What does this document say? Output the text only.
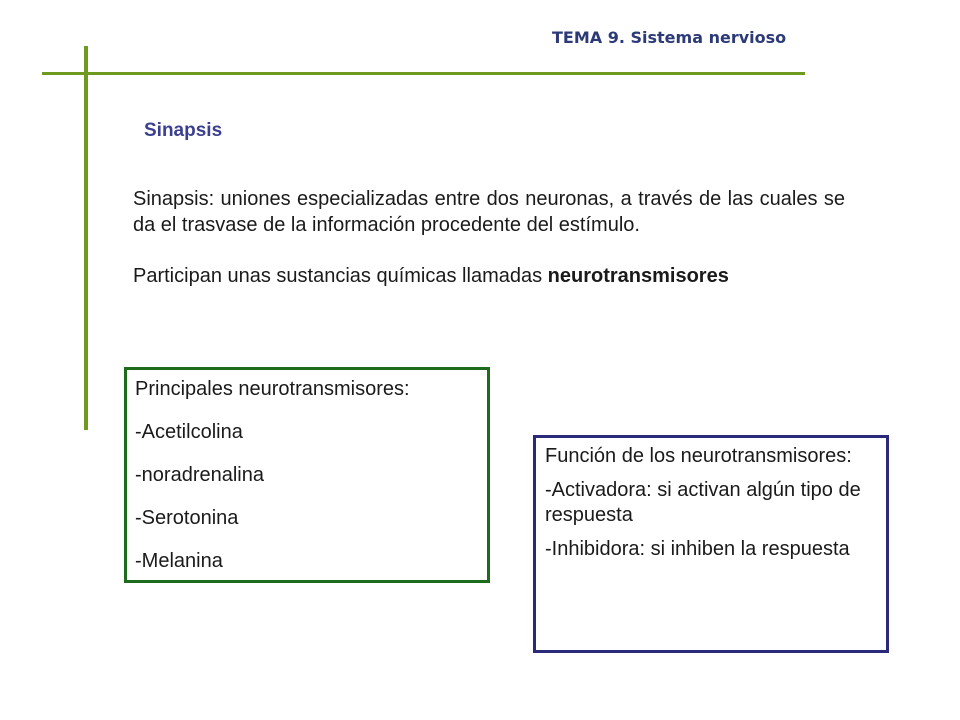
TEMA 9. Sistema nervioso
Sinapsis

Sinapsis: uniones especializadas entre dos neuronas, a través de las cuales se da el trasvase de la información procedente del estímulo.

Participan unas sustancias químicas llamadas neurotransmisores

Principales neurotransmisores:

-Acetilcolina

-noradrenalina

-Serotonina

-Melanina

Función de los neurotransmisores:

-Activadora: si activan algún tipo de respuesta

-Inhibidora: si inhiben la respuesta
